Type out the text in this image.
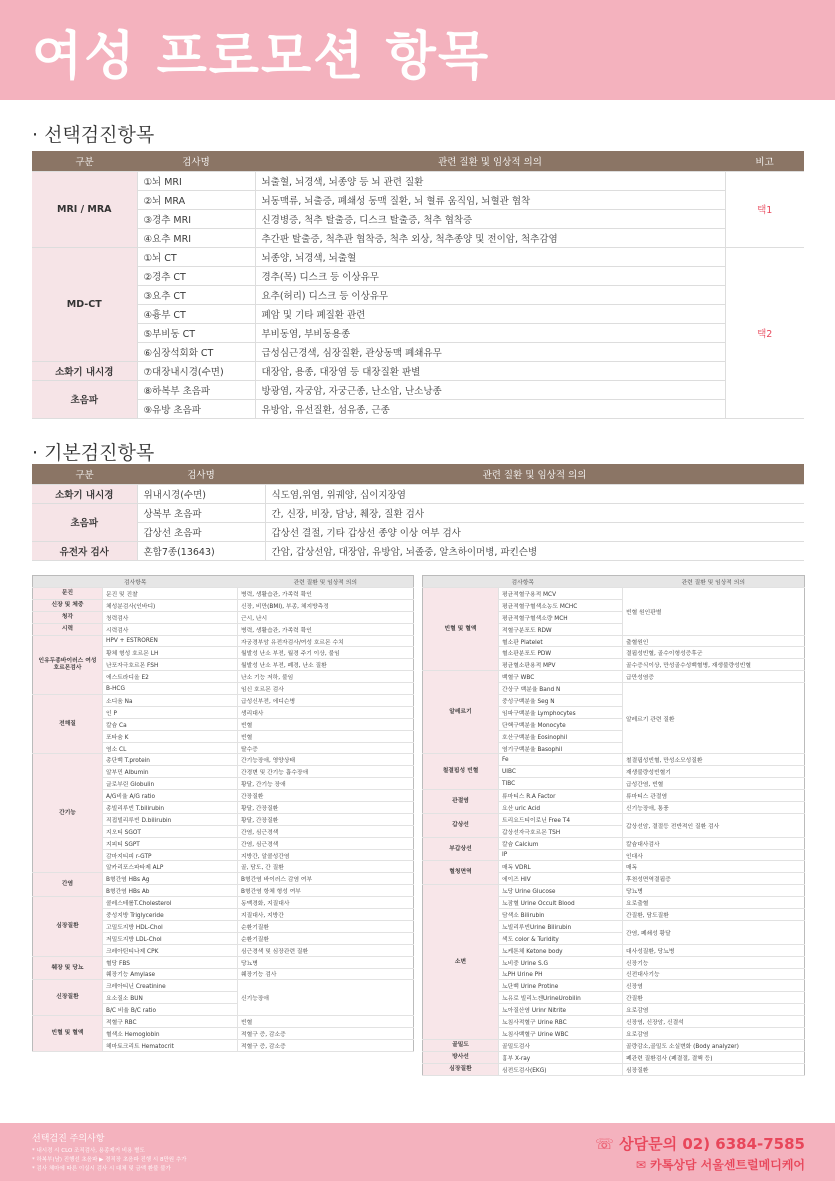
여성 프로모션 항목
· 선택검진항목
구분	검사명	관련 질환 및 임상적 의의	비고
MRI / MRA	①뇌 MRI	뇌출혈, 뇌경색, 뇌종양 등 뇌 관련 질환	택1
	②뇌 MRA	뇌동맥류, 뇌출증, 폐쇄성 동맥 질환, 뇌 혈류 움직임, 뇌혈관 협착	
	③경추 MRI	신경병증, 척추 탈출증, 디스크 탈출증, 척추 협착증	
	④요추 MRI	추간판 탈출증, 척추관 협착증, 척추 외상, 척추종양 및 전이암, 척추감염	
MD-CT	①뇌 CT	뇌종양, 뇌경색, 뇌출혈	택2
	②경추 CT	경추(목) 디스크 등 이상유무	
	③요추 CT	요추(허리) 디스크 등 이상유무	
	④흉부 CT	폐암 및 기타 폐질환 관련	
	⑤부비동 CT	부비동염, 부비동용종	
	⑥심장석회화 CT	급성심근경색, 심장질환, 관상동맥 폐쇄유무	
소화기 내시경	⑦대장내시경(수면)	대장암, 용종, 대장염 등 대장질환 판별	
초음파	⑧하복부 초음파	방광염, 자궁암, 자궁근종, 난소암, 난소낭종	
	⑨유방 초음파	유방암, 유선질환, 섬유종, 근종	
· 기본검진항목
구분	검사명	관련 질환 및 임상적 의의
소화기 내시경	위내시경(수면)	식도염,위염, 위궤양, 십이지장염
초음파	상복부 초음파	간, 신장, 비장, 담낭, 췌장, 질환 검사
	갑상선 초음파	갑상선 결절, 기타 갑상선 종양 이상 여부 검사
유전자 검사	혼합7종(13643)	간암, 갑상선암, 대장암, 유방암, 뇌졸중, 알츠하이머병, 파킨슨병
검사항목		관련 질환 및 임상적 의의
문진	문진 및 진찰	병력, 생활습관, 가족력 확인
신장 및 체중	체성분검사(인바디)	신장, 비만(BMI), 부종, 체지방측정
청각	청력검사	근시, 난시
시력	시력검사	병력, 생활습관, 가족력 확인
인유두종바이러스 여성호르몬검사	HPV + ESTROREN	자궁경부암 유전자검사/여성 호르몬 수치
	황체 형성 호르몬 LH	월발성 난소 부전, 월경 주기 이상, 불임
	난포자극호르몬 FSH	월발성 난소 부전, 폐경, 난소 질환
	에스트라디올 E2	난소 기능 저하, 불임
	B-HCG	임신 호르몬 검사
전해질	소디움 Na	급성신부전, 에디슨병
	인 P	생리대사
	칼슘 Ca	빈혈
	포타슘 K	빈혈
	염소 CL	탈수증
간기능	총단백 T.protein	간기능장애, 영양상태
	알부민 Albumin	간경변 및 간기능 흡수장애
	글로부린 Globulin	황달, 간기능 장애
	A/G비율 A/G ratio	간장질환
	총빌리루빈 T.bilirubin	황달, 간장질환
	직접빌리루빈 D.bilirubin	황달, 간장질환
	지오티 SGOT	간염, 심근경색
	지피티 SGPT	간염, 심근경색
	감마지티피 r-GTP	지방간, 알콜성간염
	알카리포스파타제 ALP	골, 담도, 간 질환
간염	B형간염 HBs Ag	B형간염 바이러스 감염 여부
	B형간염 HBs Ab	B형간염 항체 형성 여부
심장질환	콜레스테롤T.Cholesterol	동맥경화, 지질대사
	중성지방 Triglyceride	지질대사, 지방간
	고밀도지방 HDL-Chol	순환기질환
	저밀도지방 LDL-Chol	순환기질환
	크레아틴티나제 CPK	심근경색 및 심장관련 질환
췌장 및 당뇨	혈당 FBS	당뇨병
	췌장기능 Amylase	췌장기능 검사
신장질환	크레아티닌 Creatinine	신기능장애
	요소질소 BUN	
	B/C 비율 B/C ratio	
빈혈 및 혈액	적혈구 RBC	빈혈
	혈색소 Hemoglobin	적혈구 증, 감소증
	헤마토크리트 Hematocrit	적혈구 증, 감소증
검사항목		관련 질환 및 임상적 의의
빈혈 및 혈액	평균적혈구용적 MCV	빈혈 원인판별
	평균적혈구혈색소농도 MCHC	
	평균적혈구혈색소량 MCH	
	적혈구분포도 RDW	
	혈소판 Platelet	출혈원인
	혈소판분포도 PDW	결핍성빈혈, 골수이형성증후군
	평균혈소판용적 MPV	골수증식이상, 만성골수성백혈병, 재생불량성빈혈
알레르기	백혈구 WBC	급만성염증
	간상구 백분율 Band N	알레르기 관련 질환
	중성구백분율 Seg N	
	임파구백분율 Lymphocytes	
	단핵구백분율 Monocyte	
	호산구백분율 Eosinophil	
	염기구백분율 Basophil	
철결핍성 빈혈	Fe	철결핍성빈혈, 만성소모성질환
	UIBC	재생불량성빈혈기
	TIBC	급성간염, 빈혈
관절염	류마티스 R.A Factor	류마티스 관절염
	요산 uric Acid	신기능장애, 통풍
갑상선	트리요드티이로닌 Free T4	갑상선암, 결절등 전반적인 질환 검사
	갑상선자극호르몬 TSH	
부갑상선	칼슘 Calcium	칼슘대사검사
	IP	인대사
혈청면역	매독 VDRL	매독
	에이즈 HIV	후천성면역결핍증
소변	뇨당 Urine Glucose	당뇨병
	뇨잠혈 Urine Occult Blood	요로출혈
	담색소 Bilirubin	간질환, 담도질환
	뇨빌리루빈Urine Bilirubin	간염, 폐쇄성 황달
	색도 color & Turidity	
	뇨케톤체 Ketone body	대사성질환, 당뇨병
	뇨비중 Urine S.G	신장기능
	뇨PH Urine PH	신전대사기능
	뇨단백 Urine Protine	신장염
	뇨유로 빌리노겐UrineUrobilin	간질환
	뇨아질산염 Urinr Nitrite	요로감염
	뇨침사적혈구 Urine RBC	신장염, 신장암, 신결석
	뇨침사백혈구 Urine WBC	요로감염
골밀도	골밀도검사	골량감소,골밀도 소실변화 (Body analyzer)
방사선	흉부 X-ray	폐관련 질환검사 (폐결절, 결핵 등)
심장질환	심전도검사(EKG)	심장질환
선택검진 주의사항
* 내시경 시 CLO 조직검사, 용종제거 비용 별도
* 하복부(남) 진행선 초음파 ▶ 경직장 초음파 진행 시 8만원 추가
* 검사 체마에 따른 이실시 검사 시 대체 및 금액 환불 불가
☏ 상담문의 02) 6384-7585
✉ 카톡상담 서울센트럴메디케어
